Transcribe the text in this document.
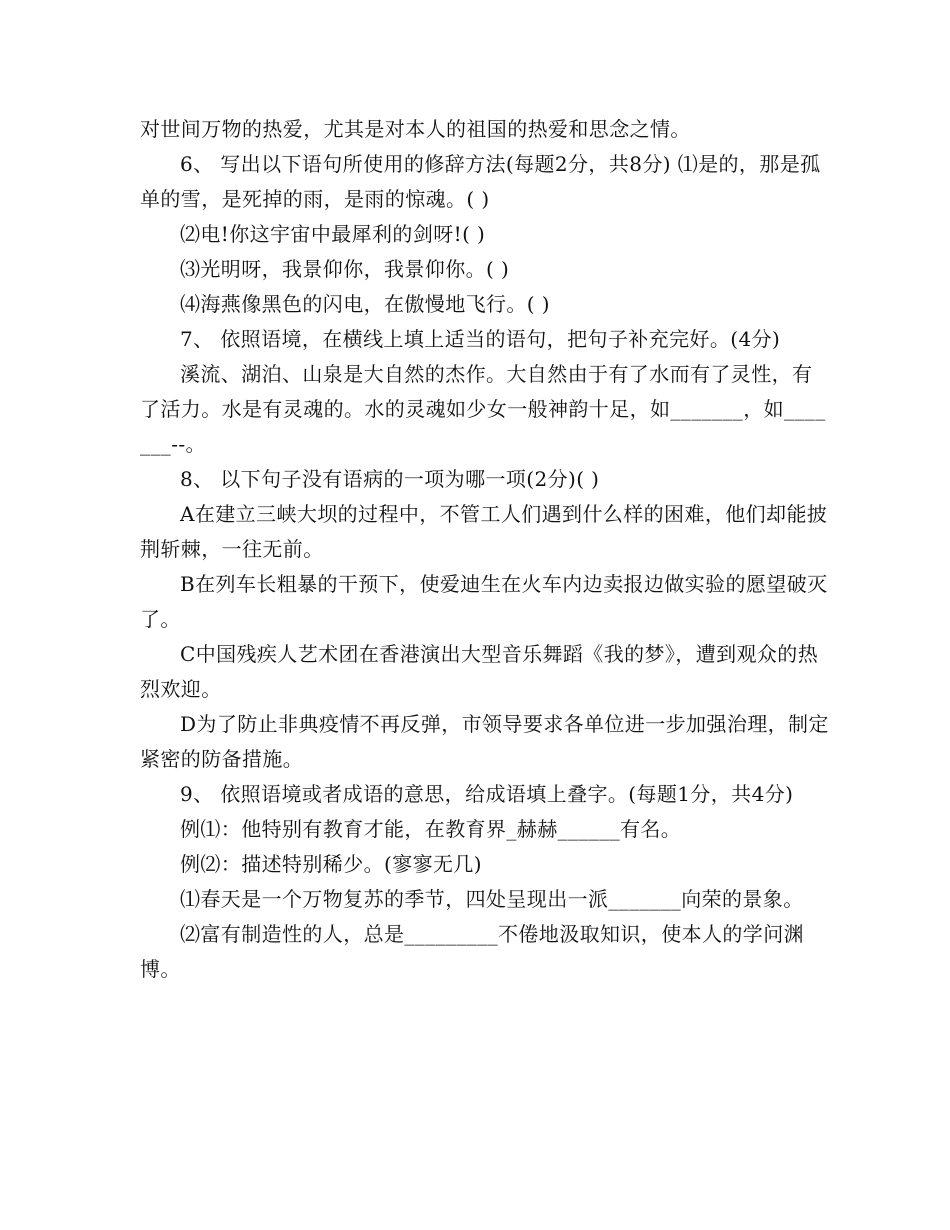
对世间万物的热爱，尤其是对本人的祖国的热爱和思念之情。

6、 写出以下语句所使用的修辞方法(每题2分，共8分) ⑴是的，那是孤单的雪，是死掉的雨，是雨的惊魂。( )

⑵电!你这宇宙中最犀利的剑呀!( )

⑶光明呀，我景仰你，我景仰你。( )

⑷海燕像黑色的闪电，在傲慢地飞行。( )

7、 依照语境，在横线上填上适当的语句，把句子补充完好。(4分)

溪流、湖泊、山泉是大自然的杰作。大自然由于有了水而有了灵性，有了活力。水是有灵魂的。水的灵魂如少女一般神韵十足，如_______，如_______--。

8、 以下句子没有语病的一项为哪一项(2分)( )

A在建立三峡大坝的过程中，不管工人们遇到什么样的困难，他们却能披荆斩棘，一往无前。

B在列车长粗暴的干预下，使爱迪生在火车内边卖报边做实验的愿望破灭了。

C中国残疾人艺术团在香港演出大型音乐舞蹈《我的梦》，遭到观众的热烈欢迎。

D为了防止非典疫情不再反弹，市领导要求各单位进一步加强治理，制定紧密的防备措施。

9、 依照语境或者成语的意思，给成语填上叠字。(每题1分，共4分)

例⑴：他特别有教育才能，在教育界_赫赫______有名。

例⑵：描述特别稀少。(寥寥无几)

⑴春天是一个万物复苏的季节，四处呈现出一派_______向荣的景象。

⑵富有制造性的人，总是_________不倦地汲取知识，使本人的学问渊博。
